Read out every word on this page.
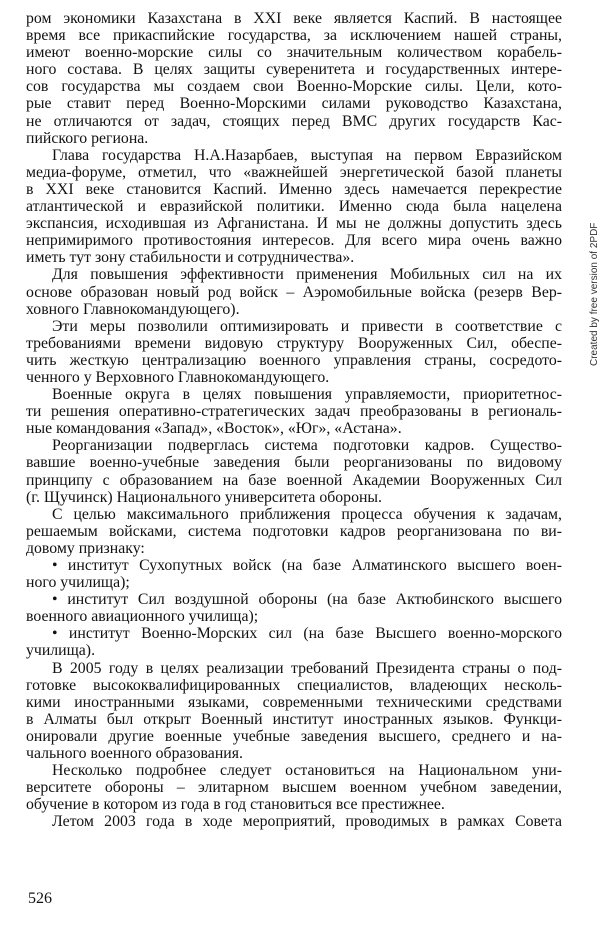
ром экономики Казахстана в XXI веке является Каспий. В настоящее
время все прикаспийские государства, за исключением нашей страны,
имеют военно-морские силы со значительным количеством корабель-
ного состава. В целях защиты суверенитета и государственных интере-
сов государства мы создаем свои Военно-Морские силы. Цели, кото-
рые ставит перед Военно-Морскими силами руководство Казахстана,
не отличаются от задач, стоящих перед ВМС других государств Кас-
пийского региона.
Глава государства Н.А.Назарбаев, выступая на первом Евразийском
медиа-форуме, отметил, что «важнейшей энергетической базой планеты
в XXI веке становится Каспий. Именно здесь намечается перекрестие
атлантической и евразийской политики. Именно сюда была нацелена
экспансия, исходившая из Афганистана. И мы не должны допустить здесь
непримиримого противостояния интересов. Для всего мира очень важно
иметь тут зону стабильности и сотрудничества».
Для повышения эффективности применения Мобильных сил на их
основе образован новый род войск – Аэромобильные войска (резерв Вер-
ховного Главнокомандующего).
Эти меры позволили оптимизировать и привести в соответствие с
требованиями времени видовую структуру Вооруженных Сил, обеспе-
чить жесткую централизацию военного управления страны, сосредото-
ченного у Верховного Главнокомандующего.
Военные округа в целях повышения управляемости, приоритетнос-
ти решения оперативно-стратегических задач преобразованы в региональ-
ные командования «Запад», «Восток», «Юг», «Астана».
Реорганизации подверглась система подготовки кадров. Существо-
вавшие военно-учебные заведения были реорганизованы по видовому
принципу с образованием на базе военной Академии Вооруженных Сил
(г. Щучинск) Национального университета обороны.
С целью максимального приближения процесса обучения к задачам,
решаемым войсками, система подготовки кадров реорганизована по ви-
довому признаку:
• институт Сухопутных войск (на базе Алматинского высшего воен-
ного училища);
• институт Сил воздушной обороны (на базе Актюбинского высшего
военного авиационного училища);
• институт Военно-Морских сил (на базе Высшего военно-морского
училища).
В 2005 году в целях реализации требований Президента страны о под-
готовке высококвалифицированных специалистов, владеющих несколь-
кими иностранными языками, современными техническими средствами
в Алматы был открыт Военный институт иностранных языков. Функци-
онировали другие военные учебные заведения высшего, среднего и на-
чального военного образования.
Несколько подробнее следует остановиться на Национальном уни-
верситете обороны – элитарном высшем военном учебном заведении,
обучение в котором из года в год становиться все престижнее.
Летом 2003 года в ходе мероприятий, проводимых в рамках Совета
526
Created by free version of 2PDF
